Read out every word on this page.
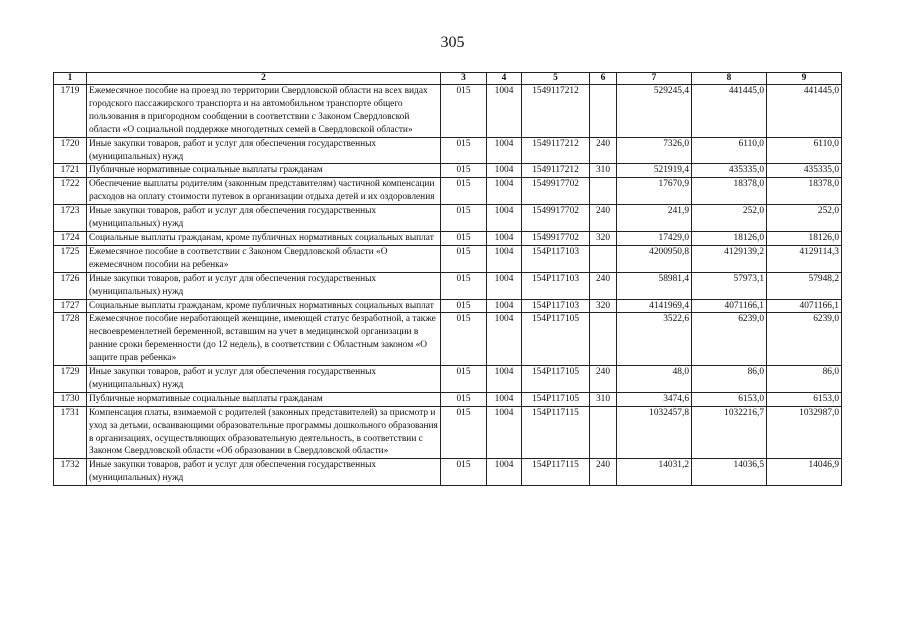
305
1	2	3	4	5	6	7	8	9
1719	Ежемесячное пособие на проезд по территории Свердловской области на всех видах городского пассажирского транспорта и на автомобильном транспорте общего пользования в пригородном сообщении в соответствии с Законом Свердловской области «О социальной поддержке многодетных семей в Свердловской области»	015	1004	1549117212		529245,4	441445,0	441445,0
1720	Иные закупки товаров, работ и услуг для обеспечения государственных (муниципальных) нужд	015	1004	1549117212	240	7326,0	6110,0	6110,0
1721	Публичные нормативные социальные выплаты гражданам	015	1004	1549117212	310	521919,4	435335,0	435335,0
1722	Обеспечение выплаты родителям (законным представителям) частичной компенсации расходов на оплату стоимости путевок в организации отдыха детей и их оздоровления	015	1004	1549917702		17670,9	18378,0	18378,0
1723	Иные закупки товаров, работ и услуг для обеспечения государственных (муниципальных) нужд	015	1004	1549917702	240	241,9	252,0	252,0
1724	Социальные выплаты гражданам, кроме публичных нормативных социальных выплат	015	1004	1549917702	320	17429,0	18126,0	18126,0
1725	Ежемесячное пособие в соответствии с Законом Свердловской области «О ежемесячном пособии на ребенка»	015	1004	154P117103		4200950,8	4129139,2	4129114,3
1726	Иные закупки товаров, работ и услуг для обеспечения государственных (муниципальных) нужд	015	1004	154P117103	240	58981,4	57973,1	57948,2
1727	Социальные выплаты гражданам, кроме публичных нормативных социальных выплат	015	1004	154P117103	320	4141969,4	4071166,1	4071166,1
1728	Ежемесячное пособие неработающей женщине, имеющей статус безработной, а также несвоевременлетней беременной, вставшим на учет в медицинской организации в ранние сроки беременности (до 12 недель), в соответствии с Областным законом «О защите прав ребенка»	015	1004	154P117105		3522,6	6239,0	6239,0
1729	Иные закупки товаров, работ и услуг для обеспечения государственных (муниципальных) нужд	015	1004	154P117105	240	48,0	86,0	86,0
1730	Публичные нормативные социальные выплаты гражданам	015	1004	154P117105	310	3474,6	6153,0	6153,0
1731	Компенсация платы, взимаемой с родителей (законных представителей) за присмотр и уход за детьми, осваивающими образовательные программы дошкольного образования в организациях, осуществляющих образовательную деятельность, в соответствии с Законом Свердловской области «Об образовании в Свердловской области»	015	1004	154P117115		1032457,8	1032216,7	1032987,0
1732	Иные закупки товаров, работ и услуг для обеспечения государственных (муниципальных) нужд	015	1004	154P117115	240	14031,2	14036,5	14046,9
